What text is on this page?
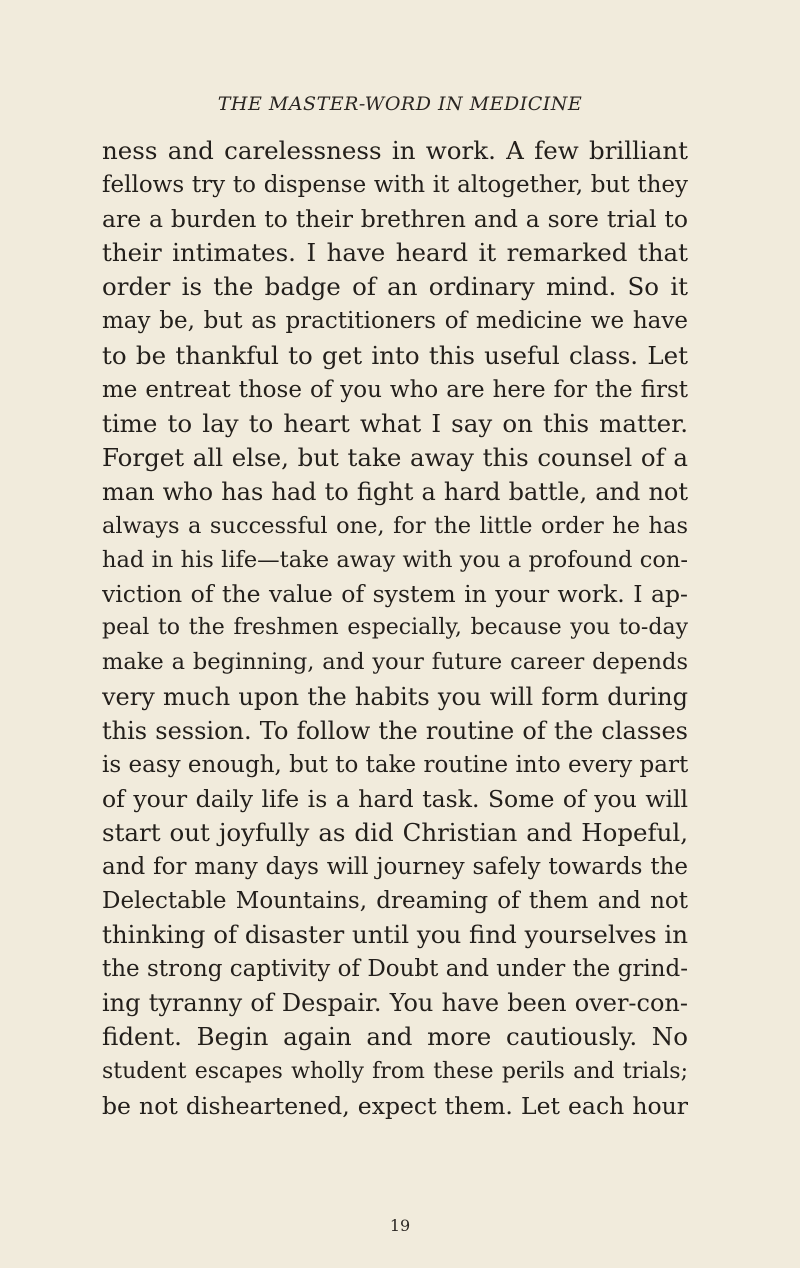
THE MASTER-WORD IN MEDICINE
ness and carelessness in work. A few brilliant
fellows try to dispense with it altogether, but they
are a burden to their brethren and a sore trial to
their intimates. I have heard it remarked that
order is the badge of an ordinary mind. So it
may be, but as practitioners of medicine we have
to be thankful to get into this useful class. Let
me entreat those of you who are here for the first
time to lay to heart what I say on this matter.
Forget all else, but take away this counsel of a
man who has had to fight a hard battle, and not
always a successful one, for the little order he has
had in his life—take away with you a profound con-
viction of the value of system in your work. I ap-
peal to the freshmen especially, because you to-day
make a beginning, and your future career depends
very much upon the habits you will form during
this session. To follow the routine of the classes
is easy enough, but to take routine into every part
of your daily life is a hard task. Some of you will
start out joyfully as did Christian and Hopeful,
and for many days will journey safely towards the
Delectable Mountains, dreaming of them and not
thinking of disaster until you find yourselves in
the strong captivity of Doubt and under the grind-
ing tyranny of Despair. You have been over-con-
fident. Begin again and more cautiously. No
student escapes wholly from these perils and trials;
be not disheartened, expect them. Let each hour
19
